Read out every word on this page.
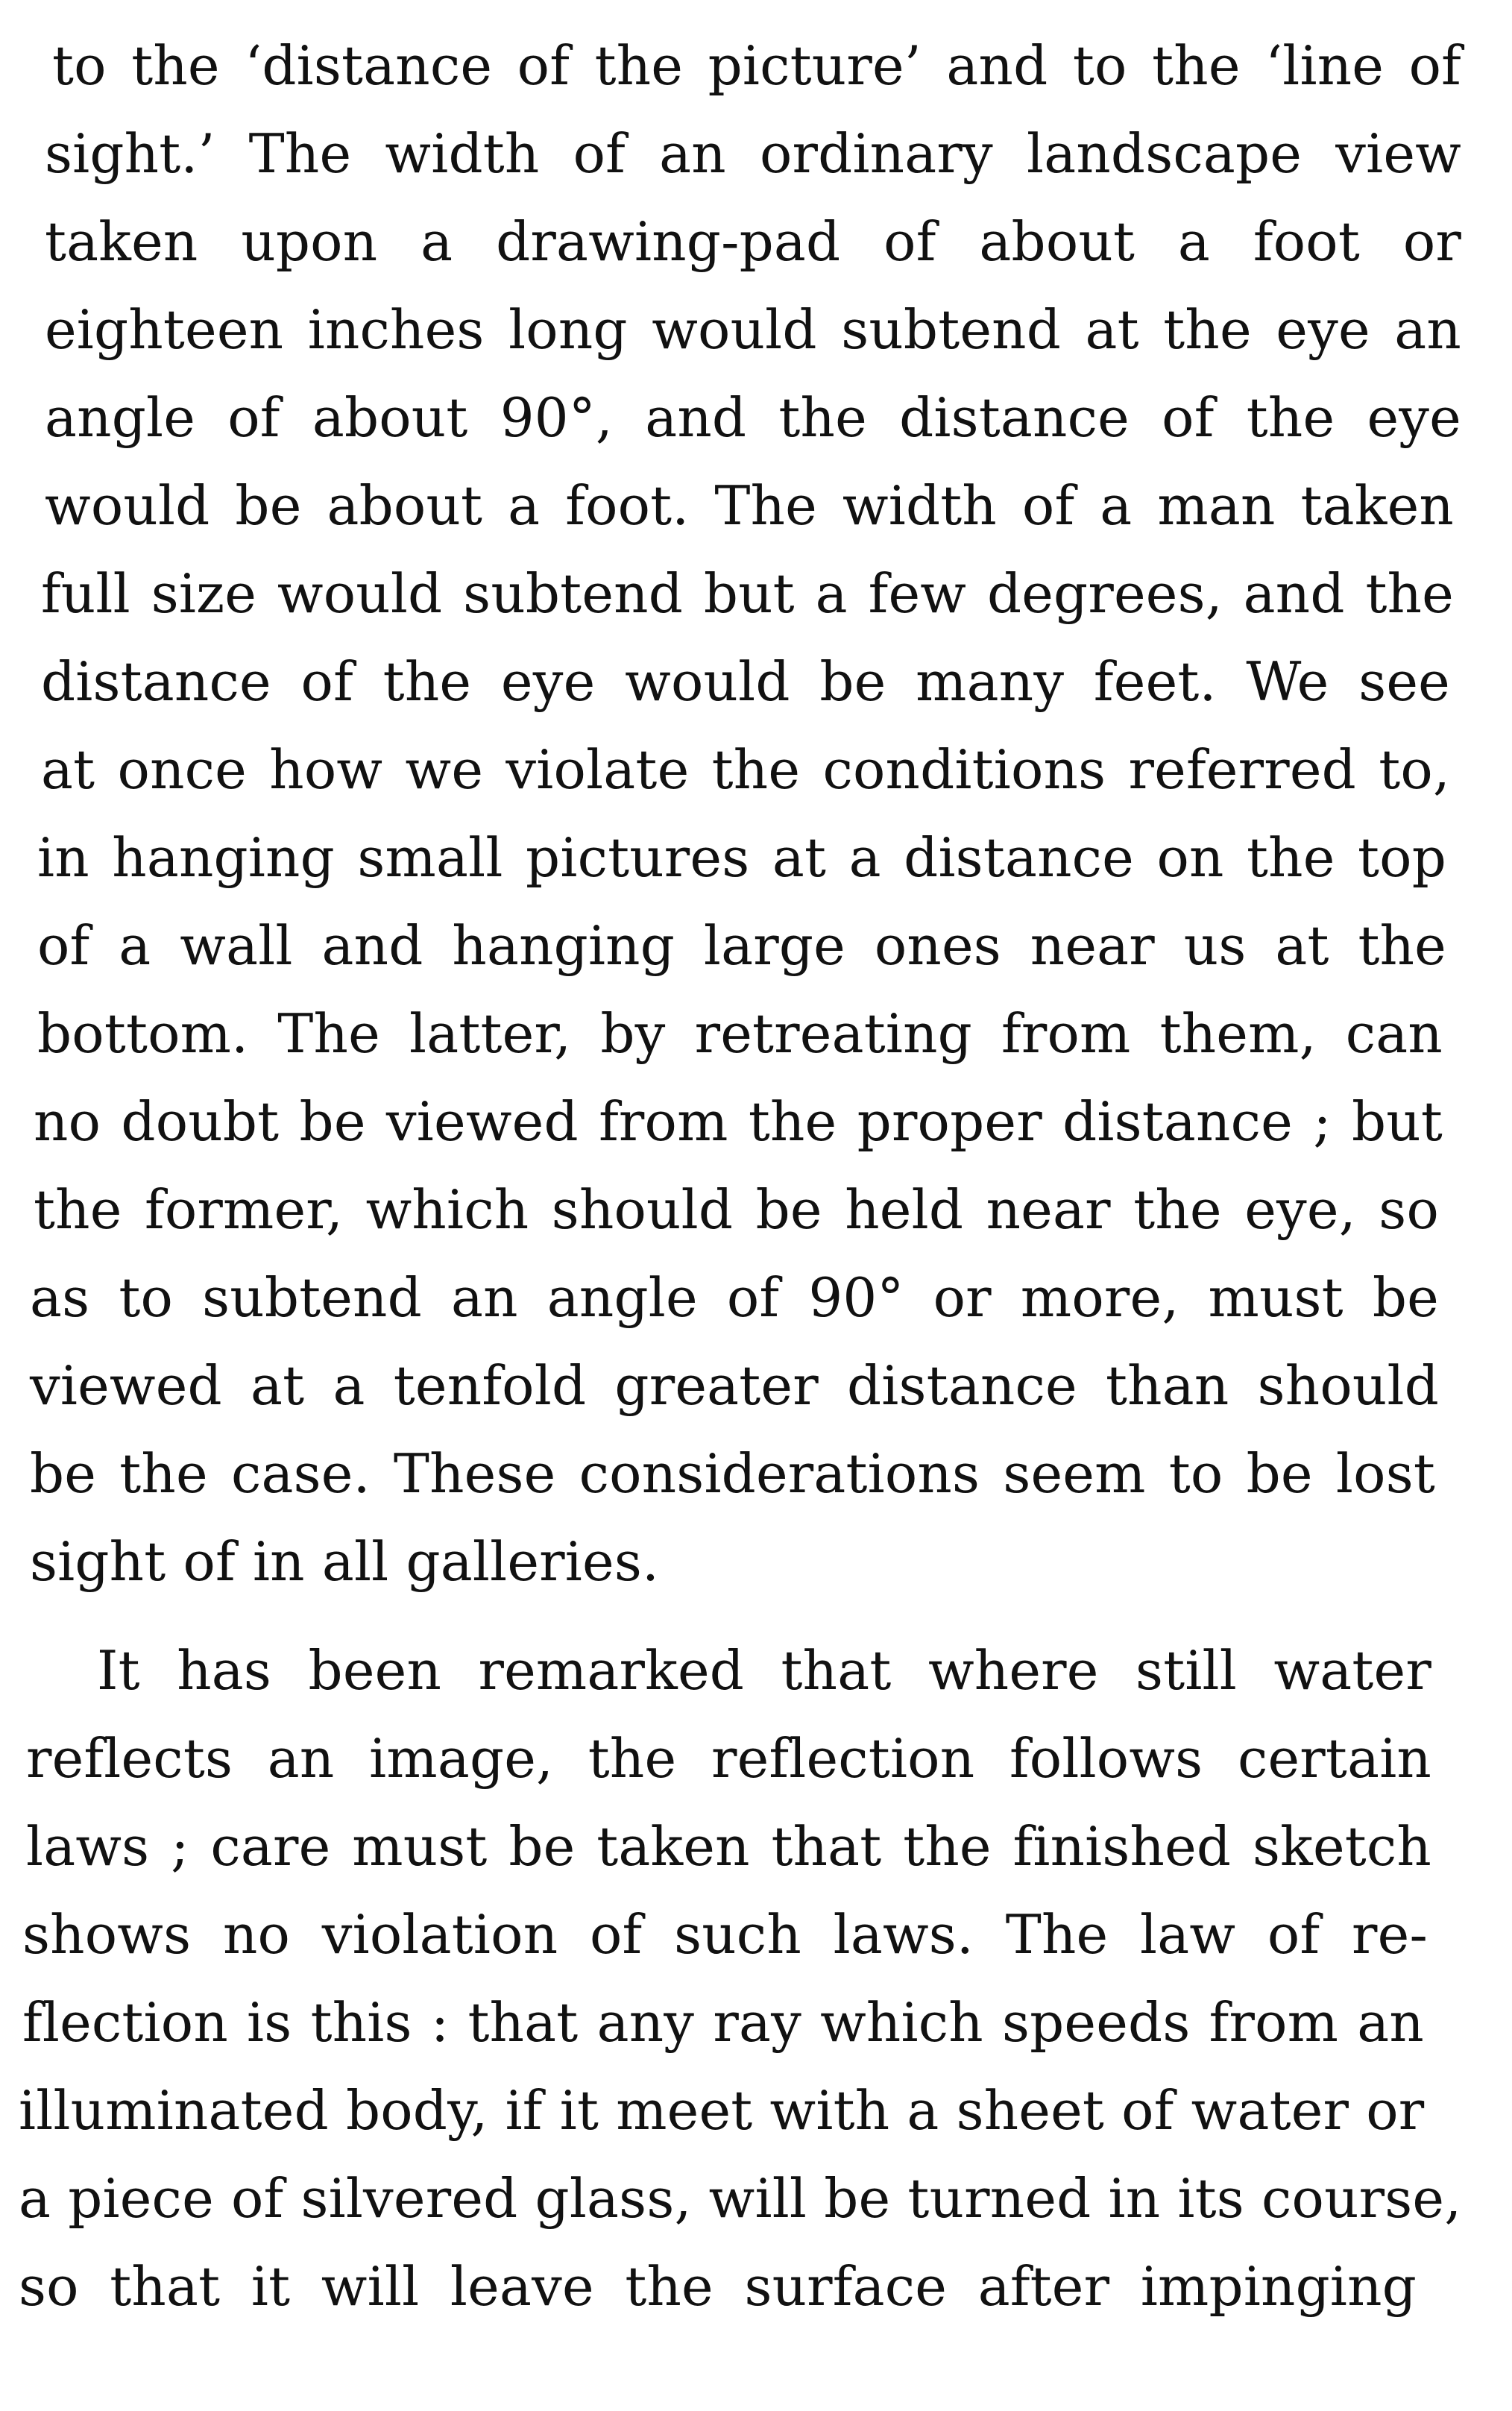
to the ‘distance of the picture’ and to the ‘line of
sight.’ The width of an ordinary landscape view
taken upon a drawing-pad of about a foot or
eighteen inches long would subtend at the eye an
angle of about 90°, and the distance of the eye
would be about a foot. The width of a man taken
full size would subtend but a few degrees, and the
distance of the eye would be many feet. We see
at once how we violate the conditions referred to,
in hanging small pictures at a distance on the top
of a wall and hanging large ones near us at the
bottom. The latter, by retreating from them, can
no doubt be viewed from the proper distance ; but
the former, which should be held near the eye, so
as to subtend an angle of 90° or more, must be
viewed at a tenfold greater distance than should
be the case. These considerations seem to be lost
sight of in all galleries.
It has been remarked that where still water
reflects an image, the reflection follows certain
laws ; care must be taken that the finished sketch
shows no violation of such laws. The law of re-
flection is this : that any ray which speeds from an
illuminated body, if it meet with a sheet of water or
a piece of silvered glass, will be turned in its course,
so that it will leave the surface after impinging
